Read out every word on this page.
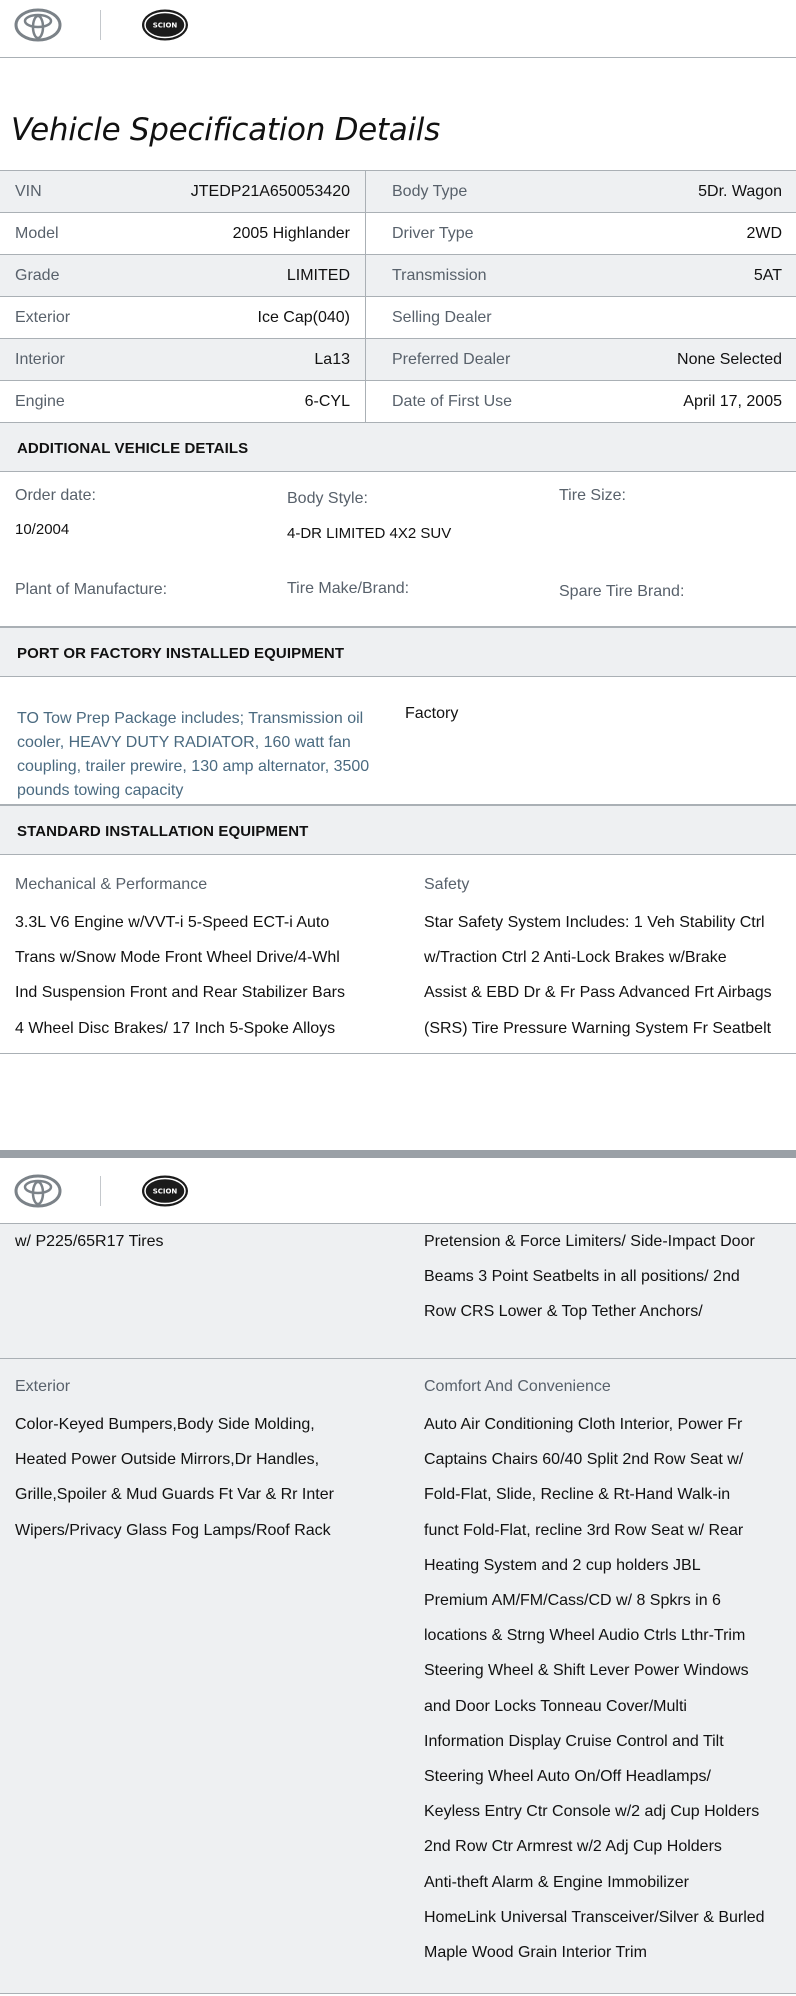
SCION
Vehicle Specification Details
VIN	JTEDP21A650053420	Body Type	5Dr. Wagon
Model	2005 Highlander	Driver Type	2WD
Grade	LIMITED	Transmission	5AT
Exterior	Ice Cap(040)	Selling Dealer
Interior	La13	Preferred Dealer	None Selected
Engine	6-CYL	Date of First Use	April 17, 2005
ADDITIONAL VEHICLE DETAILS
Order date:
10/2004
Body Style:
4-DR LIMITED 4X2 SUV
Tire Size:
Plant of Manufacture:	Tire Make/Brand:	Spare Tire Brand:
PORT OR FACTORY INSTALLED EQUIPMENT
TO Tow Prep Package includes; Transmission oil cooler, HEAVY DUTY RADIATOR, 160 watt fan coupling, trailer prewire, 130 amp alternator, 3500 pounds towing capacity
Factory
STANDARD INSTALLATION EQUIPMENT
Mechanical & Performance	Safety
3.3L V6 Engine w/VVT-i 5-Speed ECT-i Auto
Trans w/Snow Mode Front Wheel Drive/4-Whl
Ind Suspension Front and Rear Stabilizer Bars
4 Wheel Disc Brakes/ 17 Inch 5-Spoke Alloys
Star Safety System Includes: 1 Veh Stability Ctrl
w/Traction Ctrl 2 Anti-Lock Brakes w/Brake
Assist & EBD Dr & Fr Pass Advanced Frt Airbags
(SRS) Tire Pressure Warning System Fr Seatbelt
SCION
w/ P225/65R17 Tires	Pretension & Force Limiters/ Side-Impact Door
Beams 3 Point Seatbelts in all positions/ 2nd
Row CRS Lower & Top Tether Anchors/
Exterior	Comfort And Convenience
Color-Keyed Bumpers,Body Side Molding,
Heated Power Outside Mirrors,Dr Handles,
Grille,Spoiler & Mud Guards Ft Var & Rr Inter
Wipers/Privacy Glass Fog Lamps/Roof Rack
Auto Air Conditioning Cloth Interior, Power Fr
Captains Chairs 60/40 Split 2nd Row Seat w/
Fold-Flat, Slide, Recline & Rt-Hand Walk-in
funct Fold-Flat, recline 3rd Row Seat w/ Rear
Heating System and 2 cup holders JBL
Premium AM/FM/Cass/CD w/ 8 Spkrs in 6
locations & Strng Wheel Audio Ctrls Lthr-Trim
Steering Wheel & Shift Lever Power Windows
and Door Locks Tonneau Cover/Multi
Information Display Cruise Control and Tilt
Steering Wheel Auto On/Off Headlamps/
Keyless Entry Ctr Console w/2 adj Cup Holders
2nd Row Ctr Armrest w/2 Adj Cup Holders
Anti-theft Alarm & Engine Immobilizer
HomeLink Universal Transceiver/Silver & Burled
Maple Wood Grain Interior Trim
